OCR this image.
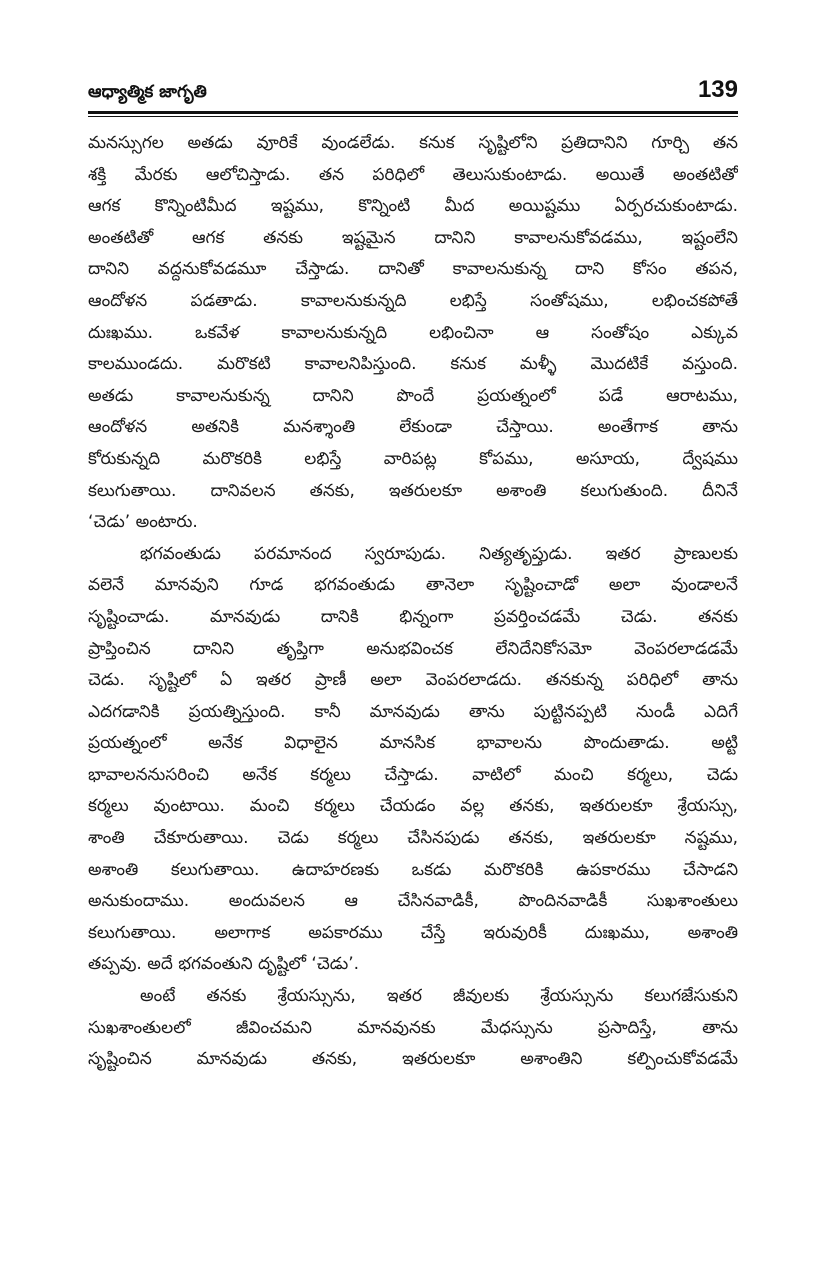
ఆధ్యాత్మిక జాగృతి	139
మనస్సుగల అతడు వూరికే వుండలేడు. కనుక సృష్టిలోని ప్రతిదానిని గూర్చి తన
శక్తి మేరకు ఆలోచిస్తాడు. తన పరిధిలో తెలుసుకుంటాడు. అయితే అంతటితో
ఆగక కొన్నింటిమీద ఇష్టము, కొన్నింటి మీద అయిష్టము ఏర్పరచుకుంటాడు.
అంతటితో ఆగక తనకు ఇష్టమైన దానిని కావాలనుకోవడము, ఇష్టంలేని
దానిని వద్దనుకోవడమూ చేస్తాడు. దానితో కావాలనుకున్న దాని కోసం తపన,
ఆందోళన పడతాడు. కావాలనుకున్నది లభిస్తే సంతోషము, లభించకపోతే
దుఃఖము. ఒకవేళ కావాలనుకున్నది లభించినా ఆ సంతోషం ఎక్కువ
కాలముండదు. మరొకటి కావాలనిపిస్తుంది. కనుక మళ్ళీ మొదటికే వస్తుంది.
అతడు కావాలనుకున్న దానిని పొందే ప్రయత్నంలో పడే ఆరాటము,
ఆందోళన అతనికి మనశ్శాంతి లేకుండా చేస్తాయి. అంతేగాక తాను
కోరుకున్నది మరొకరికి లభిస్తే వారిపట్ల కోపము, అసూయ, ద్వేషము
కలుగుతాయి. దానివలన తనకు, ఇతరులకూ అశాంతి కలుగుతుంది. దీనినే
‘చెడు’ అంటారు.
భగవంతుడు పరమానంద స్వరూపుడు. నిత్యతృప్తుడు. ఇతర ప్రాణులకు
వలెనే మానవుని గూడ భగవంతుడు తానెలా సృష్టించాడో అలా వుండాలనే
సృష్టించాడు. మానవుడు దానికి భిన్నంగా ప్రవర్తించడమే చెడు. తనకు
ప్రాప్తించిన దానిని తృప్తిగా అనుభవించక లేనిదేనికోసమో వెంపరలాడడమే
చెడు. సృష్టిలో ఏ ఇతర ప్రాణీ అలా వెంపరలాడదు. తనకున్న పరిధిలో తాను
ఎదగడానికి ప్రయత్నిస్తుంది. కానీ మానవుడు తాను పుట్టినప్పటి నుండీ ఎదిగే
ప్రయత్నంలో అనేక విధాలైన మానసిక భావాలను పొందుతాడు. అట్టి
భావాలననుసరించి అనేక కర్మలు చేస్తాడు. వాటిలో మంచి కర్మలు, చెడు
కర్మలు వుంటాయి. మంచి కర్మలు చేయడం వల్ల తనకు, ఇతరులకూ శ్రేయస్సు,
శాంతి చేకూరుతాయి. చెడు కర్మలు చేసినపుడు తనకు, ఇతరులకూ నష్టము,
అశాంతి కలుగుతాయి. ఉదాహరణకు ఒకడు మరొకరికి ఉపకారము చేసాడని
అనుకుందాము. అందువలన ఆ చేసినవాడికీ, పొందినవాడికీ సుఖశాంతులు
కలుగుతాయి. అలాగాక అపకారము చేస్తే ఇరువురికీ దుఃఖము, అశాంతి
తప్పవు. అదే భగవంతుని దృష్టిలో ‘చెడు’.
అంటే తనకు శ్రేయస్సును, ఇతర జీవులకు శ్రేయస్సును కలుగజేసుకుని
సుఖశాంతులలో జీవించమని మానవునకు మేధస్సును ప్రసాదిస్తే, తాను
సృష్టించిన మానవుడు తనకు, ఇతరులకూ అశాంతిని కల్పించుకోవడమే
